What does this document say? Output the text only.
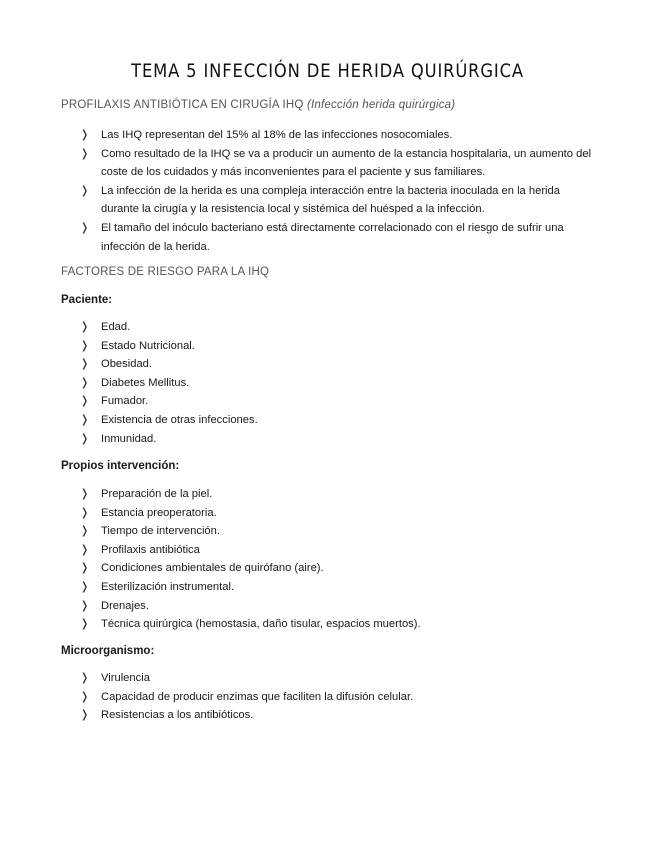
TEMA 5 INFECCIÓN DE HERIDA QUIRÚRGICA
PROFILAXIS ANTIBIÓTICA EN CIRUGÍA IHQ (Infección herida quirúrgica)
❭ Las IHQ representan del 15% al 18% de las infecciones nosocomiales.
❭ Como resultado de la IHQ se va a producir un aumento de la estancia hospitalaria, un aumento del coste de los cuidados y más inconvenientes para el paciente y sus familiares.
❭ La infección de la herida es una compleja interacción entre la bacteria inoculada en la herida durante la cirugía y la resistencia local y sistémica del huésped a la infección.
❭ El tamaño del inóculo bacteriano está directamente correlacionado con el riesgo de sufrir una infección de la herida.
FACTORES DE RIESGO PARA LA IHQ
Paciente:
❭ Edad.
❭ Estado Nutricional.
❭ Obesidad.
❭ Diabetes Mellitus.
❭ Fumador.
❭ Existencia de otras infecciones.
❭ Inmunidad.
Propios intervención:
❭ Preparación de la piel.
❭ Estancia preoperatoria.
❭ Tiempo de intervención.
❭ Profilaxis antibiótica
❭ Condiciones ambientales de quirófano (aire).
❭ Esterilización instrumental.
❭ Drenajes.
❭ Técnica quirúrgica (hemostasia, daño tisular, espacios muertos).
Microorganismo:
❭ Virulencia
❭ Capacidad de producir enzimas que faciliten la difusión celular.
❭ Resistencias a los antibióticos.
